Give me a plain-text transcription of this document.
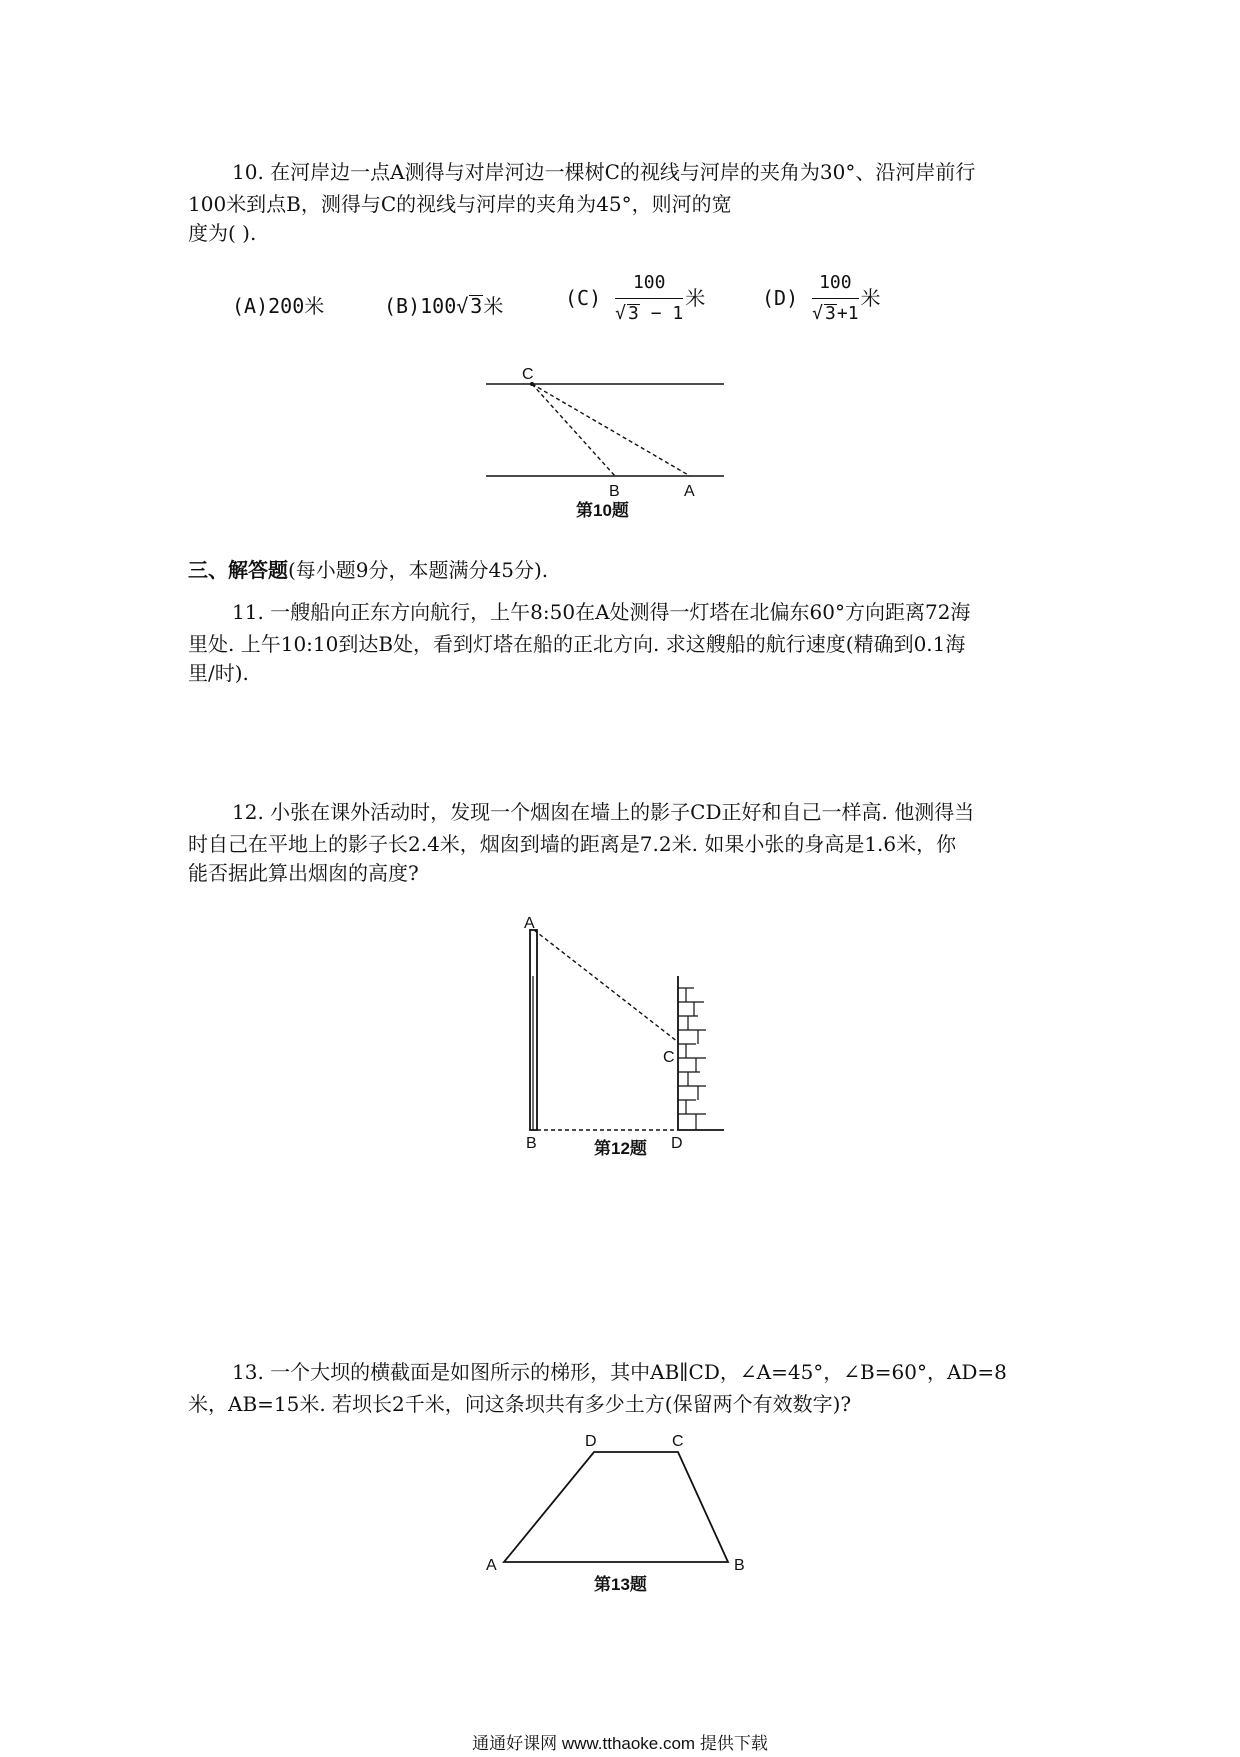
10. 在河岸边一点A测得与对岸河边一棵树C的视线与河岸的夹角为30°、沿河岸前行
100米到点B，测得与C的视线与河岸的夹角为45°，则河的宽
度为( ).
(A)200米	(B)100√ 3米	$(C) \frac{100}{√ 3 - 1}$ 米	$(D) \frac{100}{√ 3+1}$ 米
C
B	A
第10题
三、解答题(每小题9分，本题满分45分).
11. 一艘船向正东方向航行，上午8:50在A处测得一灯塔在北偏东60°方向距离72海
里处. 上午10:10到达B处，看到灯塔在船的正北方向. 求这艘船的航行速度(精确到0.1海
里/时).
12. 小张在课外活动时，发现一个烟囱在墙上的影子CD正好和自己一样高. 他测得当
时自己在平地上的影子长2.4米，烟囱到墙的距离是7.2米. 如果小张的身高是1.6米，你
能否据此算出烟囱的高度?
A
C
B	D
第12题
13. 一个大坝的横截面是如图所示的梯形，其中AB∥CD，∠A=45°，∠B=60°，AD=8
米，AB=15米. 若坝长2千米，问这条坝共有多少土方(保留两个有效数字)?
D	C
A	B
第13题
通通好课网 www.tthaoke.com 提供下载
